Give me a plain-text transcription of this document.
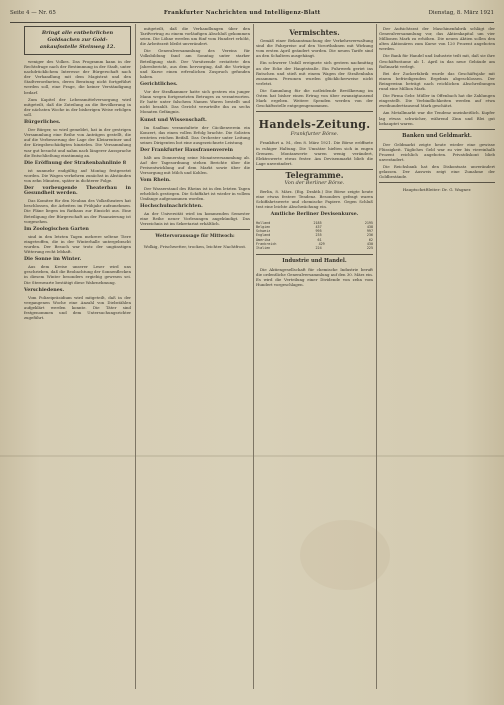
Seite 4 — Nr. 65	Frankfurter Nachrichten und Intelligenz-Blatt	Dienstag, 8. März 1921
Bringt alle entbehrlichen Goldsachen zur Gold-ankaufsstelle Steinweg 12.

weniger des Volkes. Das Programm kann in der Rechtsfrage nach der Bestimmung in der Stadt, unter nachdrücklichem Interesse der Bürgerschaft nach der Verhandlung mit dem Magistrat und den Stadtverordneten, deren Beratung nicht fortgeführt werden soll, eine Frage, die keiner Verständigung bedarf.

Zum Kapitel der Lebensmittelversorgung wird mitgeteilt, daß die Zuteilung an die Bevölkerung in der nächsten Woche in der bisherigen Weise erfolgen soll.

Bürgerliches.

Der Bürger, so wird gemeldet, hat in der gestrigen Versammlung eine Reihe von Anträgen gestellt, die auf die Verbesserung der Lage der Kleinrentner und der Kriegsbeschädigten hinzielen. Die Versammlung war gut besucht und nahm nach längerer Aussprache die Entschließung einstimmig an.

Die Eröffnung der Straßenbahnlinie 8

ist nunmehr endgültig auf Montag festgesetzt worden. Die Wagen verkehren zunächst in Abständen von zehn Minuten, später in dichterer Folge.

Der vorbeugende Theaterbau in Gesundheit werden.

Das Komitee für den Neubau des Volkstheaters hat beschlossen, die Arbeiten im Frühjahr aufzunehmen. Die Pläne liegen im Rathaus zur Einsicht aus. Eine Beteiligung der Bürgerschaft an der Finanzierung ist vorgesehen.

Im Zoologischen Garten

sind in den letzten Tagen mehrere seltene Tiere eingetroffen, die in der Winterhalle untergebracht wurden. Der Besuch war trotz der ungünstigen Witterung recht lebhaft.

Die Sonne im Winter.

Aus dem Kreise unserer Leser wird uns geschrieben, daß die Beobachtung der Sonnenflecken in diesem Winter besonders ergiebig gewesen sei. Die Sternwarte bestätigt diese Wahrnehmung.

Verschiedenes.

Vom Polizeipräsidium wird mitgeteilt, daß in der vergangenen Woche eine Anzahl von Diebstählen aufgeklärt werden konnte. Die Täter sind festgenommen und dem Untersuchungsrichter zugeführt.

mitgeteilt, daß die Verhandlungen über den Tarifvertrag zu einem vorläufigen Abschluß gekommen seien. Die Löhne werden um fünf vom Hundert erhöht, die Arbeitszeit bleibt unverändert.

Die Generalversammlung des Vereins für Volksbildung fand am Sonntag unter starker Beteiligung statt. Der Vorsitzende erstattete den Jahresbericht, aus dem hervorging, daß die Vorträge und Kurse einen erfreulichen Zuspruch gefunden haben.

Gerichtliches.

Vor der Strafkammer hatte sich gestern ein junger Mann wegen fortgesetzten Betruges zu verantworten. Er hatte unter falschem Namen Waren bestellt und nicht bezahlt. Das Gericht verurteilte ihn zu sechs Monaten Gefängnis.

Kunst und Wissenschaft.

Im Saalbau veranstaltete der Cäcilienverein ein Konzert, das einen vollen Erfolg brachte. Die Solisten ernteten reichen Beifall. Das Orchester unter Leitung seines Dirigenten bot eine ausgezeichnete Leistung.

Der Frankfurter Hausfrauenverein

hält am Donnerstag seine Monatsversammlung ab. Auf der Tagesordnung stehen Berichte über die Preisentwicklung auf dem Markt sowie über die Versorgung mit Milch und Kohlen.

Vom Rhein.

Der Wasserstand des Rheins ist in den letzten Tagen erheblich gestiegen. Die Schiffahrt ist wieder in vollem Umfange aufgenommen worden.

Hochschulnachrichten.

An der Universität wird im kommenden Semester eine Reihe neuer Vorlesungen angekündigt. Das Verzeichnis ist im Sekretariat erhältlich.

Wettervoraussage für Mittwoch:

Wolkig, Frischwetter, trocken, leichter Nachtfrost.

Vermischtes.

Gemäß einer Bekanntmachung der Verkehrsverwaltung sind die Fahrpreise auf den Vorortbahnen mit Wirkung vom ersten April geändert worden. Die neuen Tarife sind an den Schaltern ausgehängt.

Ein schwerer Unfall ereignete sich gestern nachmittag an der Ecke der Hauptstraße. Ein Fuhrwerk geriet ins Rutschen und stieß mit einem Wagen der Straßenbahn zusammen. Personen wurden glücklicherweise nicht verletzt.

Die Sammlung für die notleidende Bevölkerung im Osten hat bisher einen Ertrag von über zwanzigtausend Mark ergeben. Weitere Spenden werden von der Geschäftsstelle entgegengenommen.

Handels-Zeitung.

Frankfurter Börse.

Frankfurt a. M., den 8. März 1921. Die Börse eröffnete in ruhiger Haltung. Die Umsätze hielten sich in engen Grenzen. Montanwerte waren wenig verändert, Elektrowerte etwas fester. Am Devisenmarkt blieb die Lage unverändert.

Telegramme.

Von der Berliner Börse.

Berlin, 8. März. (Eig. Drahtb.) Die Börse zeigte heute eine etwas festere Tendenz. Besonders gefragt waren Schiffahrtswerte und chemische Papiere. Gegen Schluß trat eine leichte Abschwächung ein.

Amtliche Berliner Devisenkurse.

Holland	2185	2195
Belgien	437	438
Schweiz	995	997
England	235	236
Amerika	61	62
Frankreich	429	430
Italien	224	225

Industrie und Handel.

Die Aktiengesellschaft für chemische Industrie beruft die ordentliche Generalversammlung auf den 30. März ein. Es wird die Verteilung einer Dividende von zehn vom Hundert vorgeschlagen.

Der Aufsichtsrat der Maschinenfabrik schlägt der Generalversammlung vor, das Aktienkapital um vier Millionen Mark zu erhöhen. Die neuen Aktien sollen den alten Aktionären zum Kurse von 120 Prozent angeboten werden.

Die Bank für Handel und Industrie teilt mit, daß sie ihre Geschäftsräume ab 1. April in das neue Gebäude am Roßmarkt verlegt.

Bei der Zuckerfabrik wurde das Geschäftsjahr mit einem befriedigenden Ergebnis abgeschlossen. Der Reingewinn beträgt nach reichlichen Abschreibungen rund eine Million Mark.

Die Firma Gebr. Müller in Offenbach hat die Zahlungen eingestellt. Die Verbindlichkeiten werden auf etwa zweihunderttausend Mark geschätzt.

Am Metallmarkt war die Tendenz uneinheitlich. Kupfer lag etwas schwächer, während Zinn und Blei gut behauptet waren.

Banken und Geldmarkt.

Der Geldmarkt zeigte heute wieder eine gewisse Flüssigkeit. Tägliches Geld war zu vier bis viereinhalb Prozent reichlich angeboten. Privatdiskont blieb unverändert.

Die Reichsbank hat den Diskontsatz unverändert gelassen. Der Ausweis zeigt eine Zunahme der Goldbestände.

Hauptschriftleiter: Dr. G. Wagner.
